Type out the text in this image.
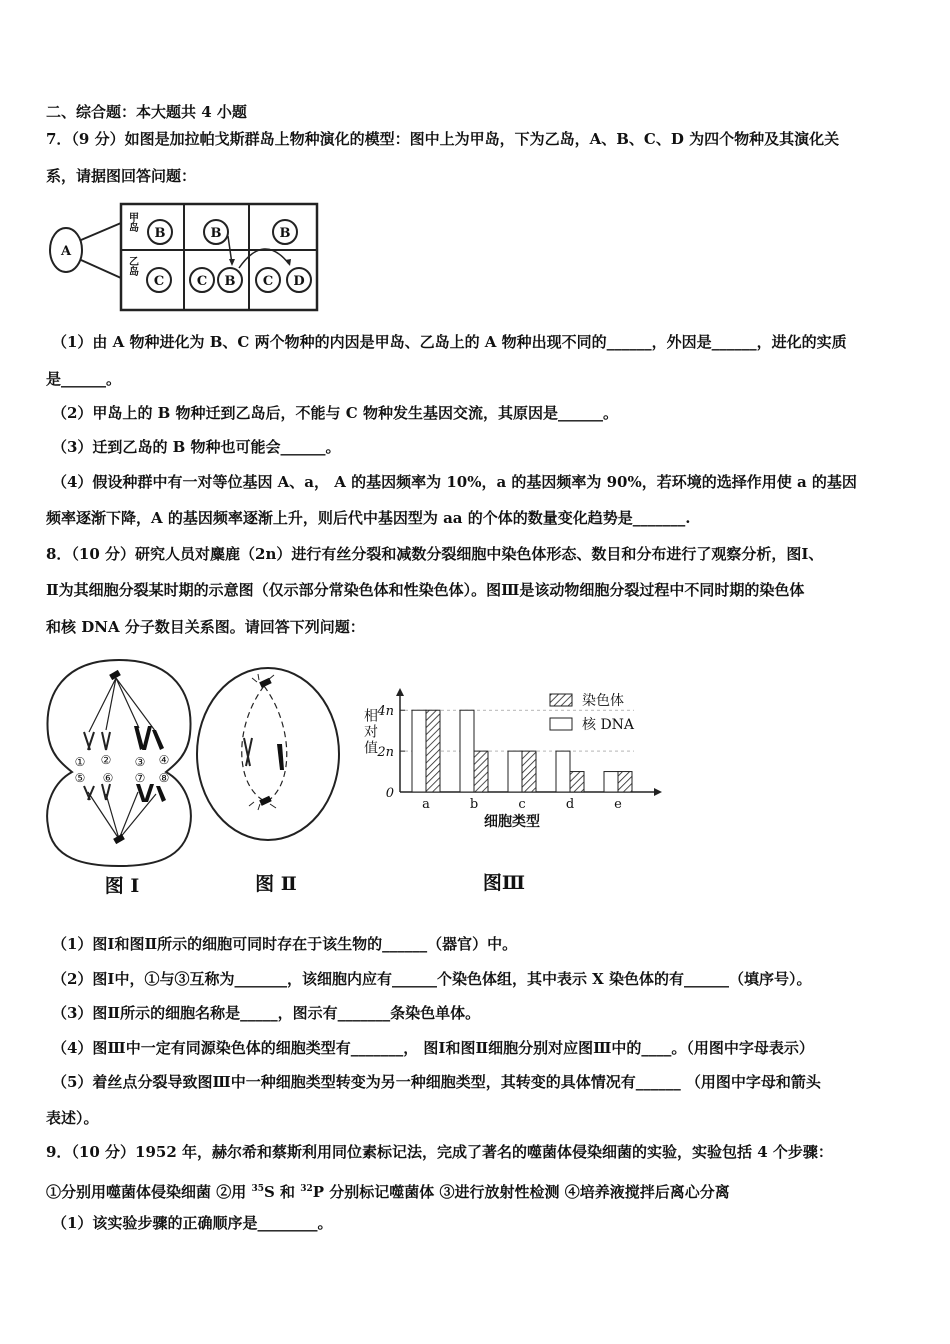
二、综合题：本大题共 4 小题
7．（9 分）如图是加拉帕戈斯群岛上物种演化的模型：图中上为甲岛，下为乙岛，A、B、C、D 为四个物种及其演化关
系，请据图回答问题：
A
甲岛
乙岛
B	B	B
C	C B C D
（1）由 A 物种进化为 B、C 两个物种的内因是甲岛、乙岛上的 A 物种出现不同的______，外因是______，进化的实质
是______。
（2）甲岛上的 B 物种迁到乙岛后，不能与 C 物种发生基因交流，其原因是______。
（3）迁到乙岛的 B 物种也可能会______。
（4）假设种群中有一对等位基因 A、a， A 的基因频率为 10%，a 的基因频率为 90%，若环境的选择作用使 a 的基因
频率逐渐下降，A 的基因频率逐渐上升，则后代中基因型为 aa 的个体的数量变化趋势是_______.
8．（10 分）研究人员对麋鹿（2n）进行有丝分裂和减数分裂细胞中染色体形态、数目和分布进行了观察分析，图Ⅰ、
Ⅱ为其细胞分裂某时期的示意图（仅示部分常染色体和性染色体）。图Ⅲ是该动物细胞分裂过程中不同时期的染色体
和核 DNA 分子数目关系图。请回答下列问题：
① ② ③ ④
⑤ ⑥ ⑦ ⑧
图 Ⅰ	图 Ⅱ
相对值
0
2n
4n
a	b	c	d	e
染色体
核 DNA
细胞类型
图Ⅲ
（1）图Ⅰ和图Ⅱ所示的细胞可同时存在于该生物的______（器官）中。
（2）图Ⅰ中，①与③互称为_______，该细胞内应有______个染色体组，其中表示 X 染色体的有______（填序号）。
（3）图Ⅱ所示的细胞名称是_____，图示有_______条染色单体。
（4）图Ⅲ中一定有同源染色体的细胞类型有_______， 图Ⅰ和图Ⅱ细胞分别对应图Ⅲ中的____。（用图中字母表示）
（5）着丝点分裂导致图Ⅲ中一种细胞类型转变为另一种细胞类型，其转变的具体情况有______ （用图中字母和箭头
表述）。
9．（10 分）1952 年，赫尔希和蔡斯利用同位素标记法，完成了著名的噬菌体侵染细菌的实验，实验包括 4 个步骤：
①分别用噬菌体侵染细菌 ②用 $^{35}$S 和 $^{32}$P 分别标记噬菌体 ③进行放射性检测 ④培养液搅拌后离心分离
（1）该实验步骤的正确顺序是________。
